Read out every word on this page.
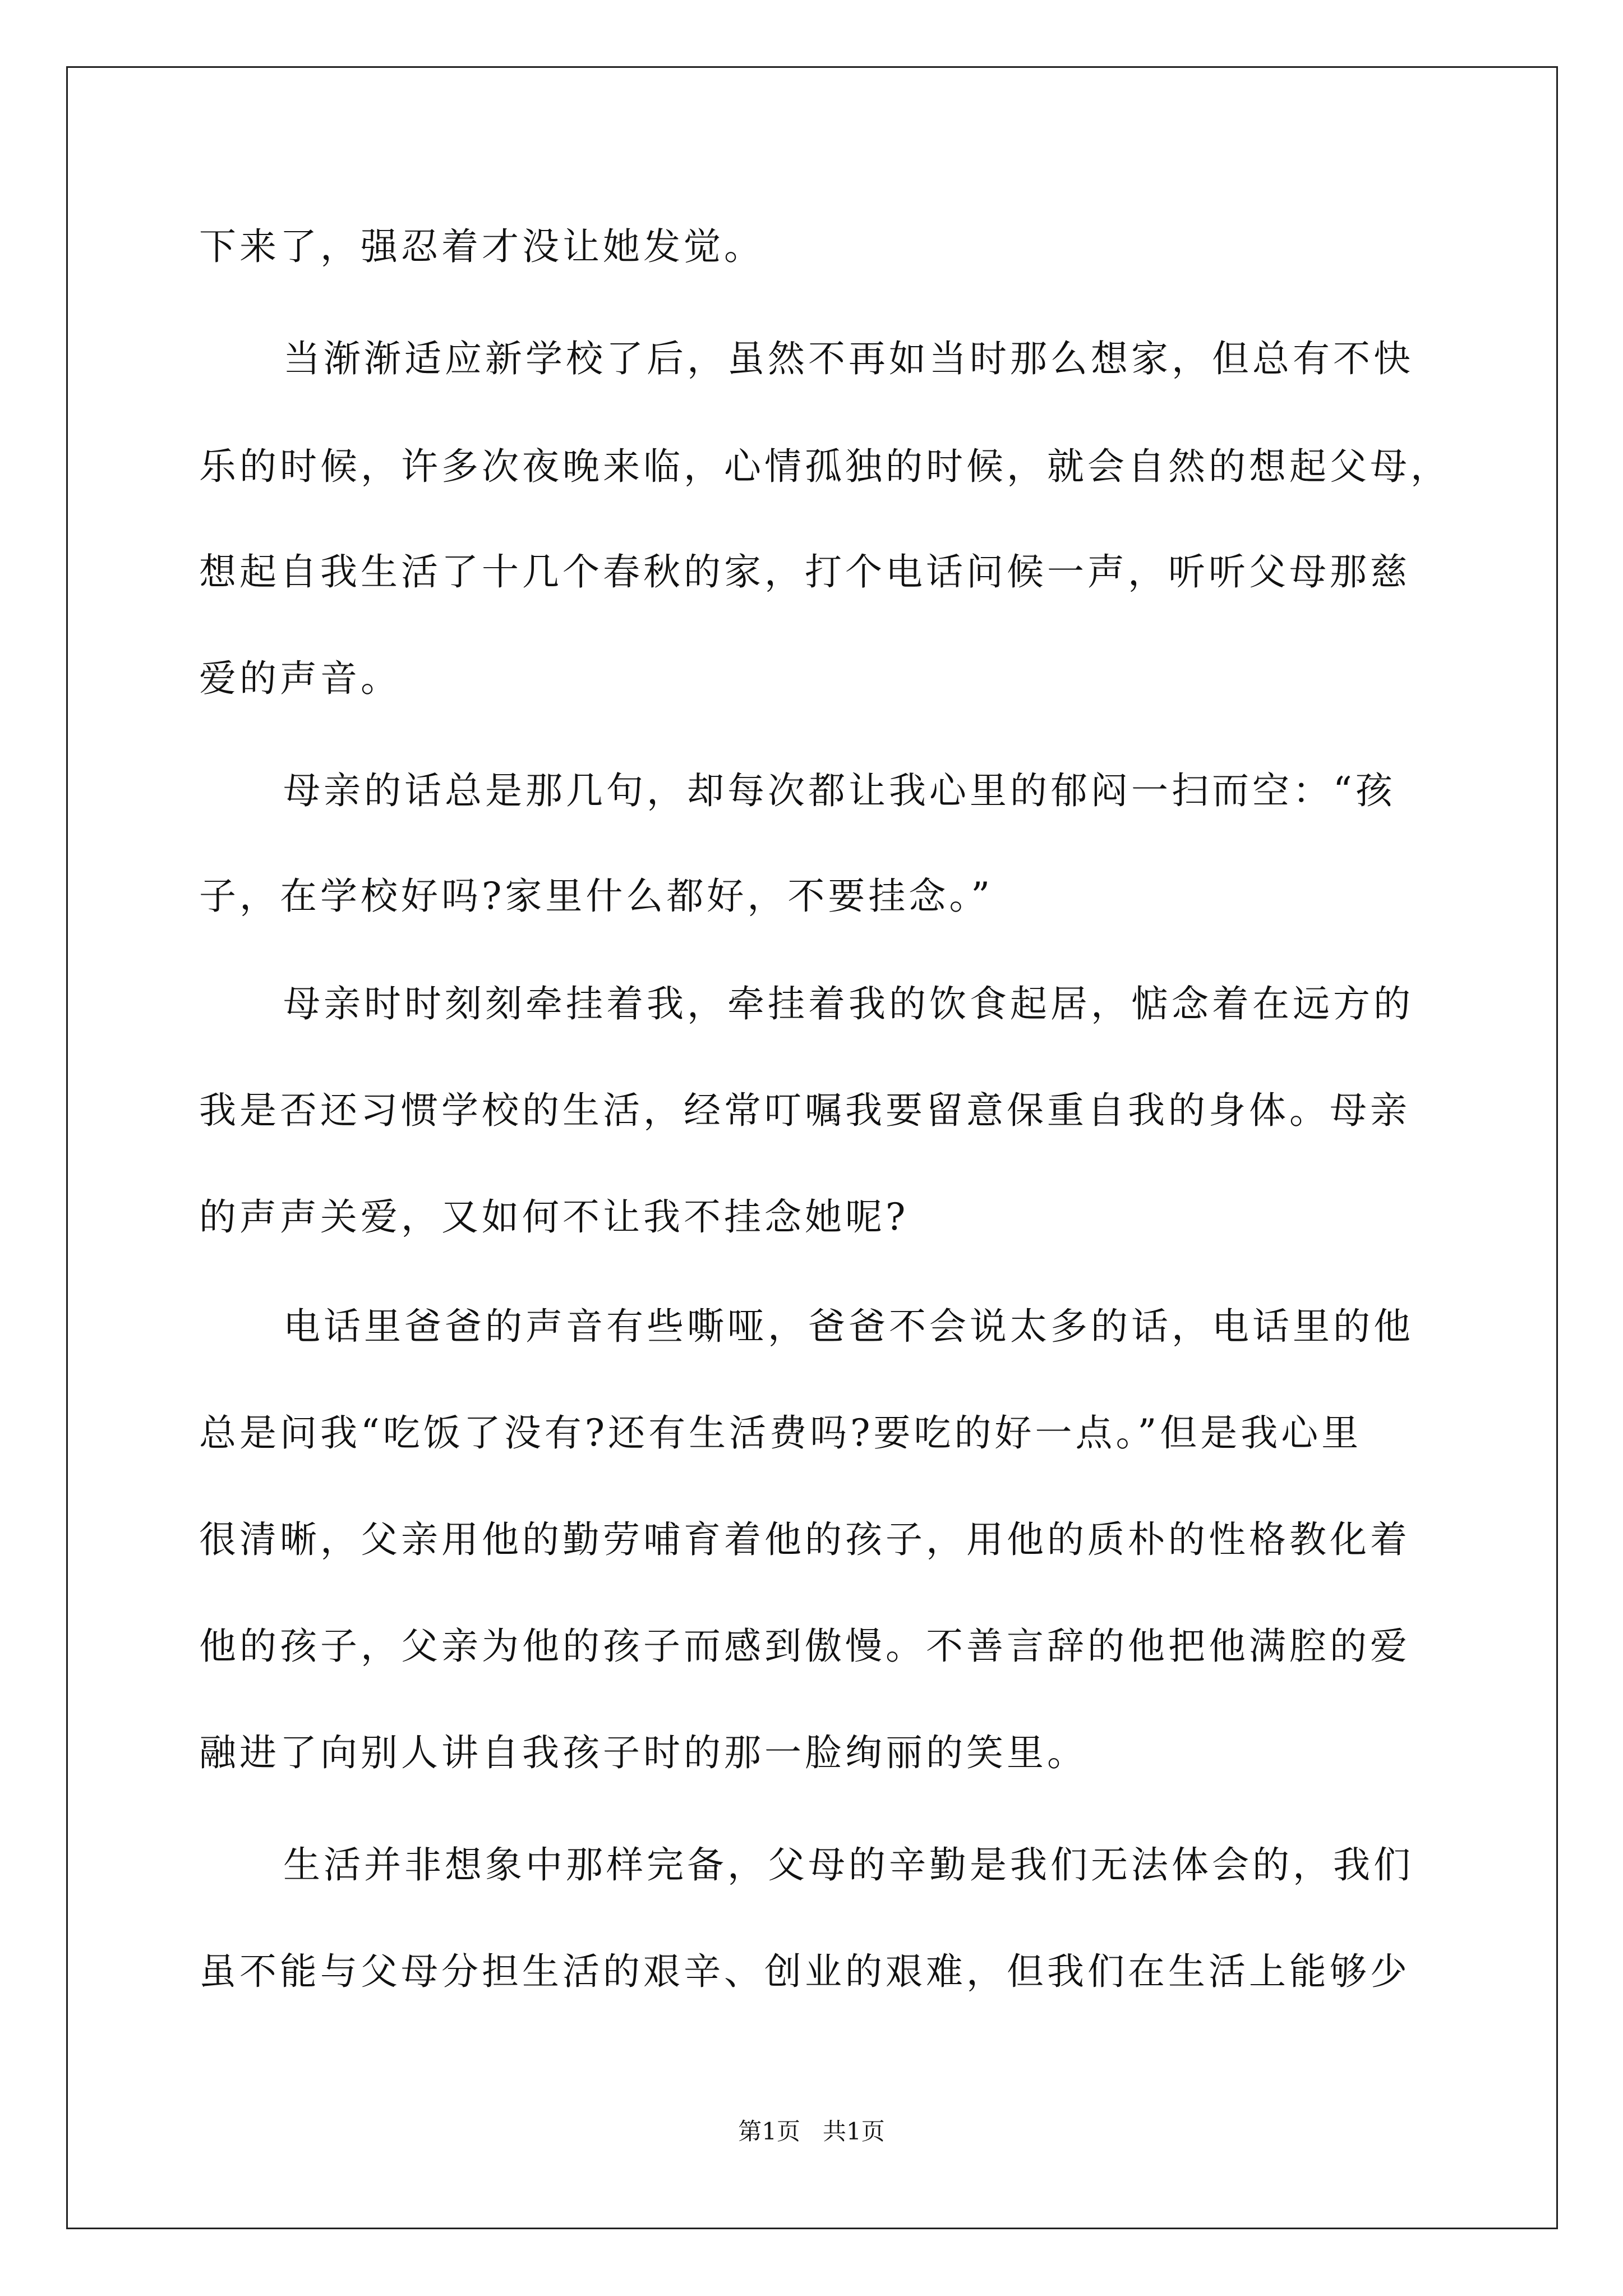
下来了，强忍着才没让她发觉。
当渐渐适应新学校了后，虽然不再如当时那么想家，但总有不快
乐的时候，许多次夜晚来临，心情孤独的时候，就会自然的想起父母，
想起自我生活了十几个春秋的家，打个电话问候一声，听听父母那慈
爱的声音。
母亲的话总是那几句，却每次都让我心里的郁闷一扫而空：“孩
子，在学校好吗?家里什么都好，不要挂念。”
母亲时时刻刻牵挂着我，牵挂着我的饮食起居，惦念着在远方的
我是否还习惯学校的生活，经常叮嘱我要留意保重自我的身体。母亲
的声声关爱，又如何不让我不挂念她呢?
电话里爸爸的声音有些嘶哑，爸爸不会说太多的话，电话里的他
总是问我“吃饭了没有?还有生活费吗?要吃的好一点。”但是我心里
很清晰，父亲用他的勤劳哺育着他的孩子，用他的质朴的性格教化着
他的孩子，父亲为他的孩子而感到傲慢。不善言辞的他把他满腔的爱
融进了向别人讲自我孩子时的那一脸绚丽的笑里。
生活并非想象中那样完备，父母的辛勤是我们无法体会的，我们
虽不能与父母分担生活的艰辛、创业的艰难，但我们在生活上能够少
第1页   共1页
